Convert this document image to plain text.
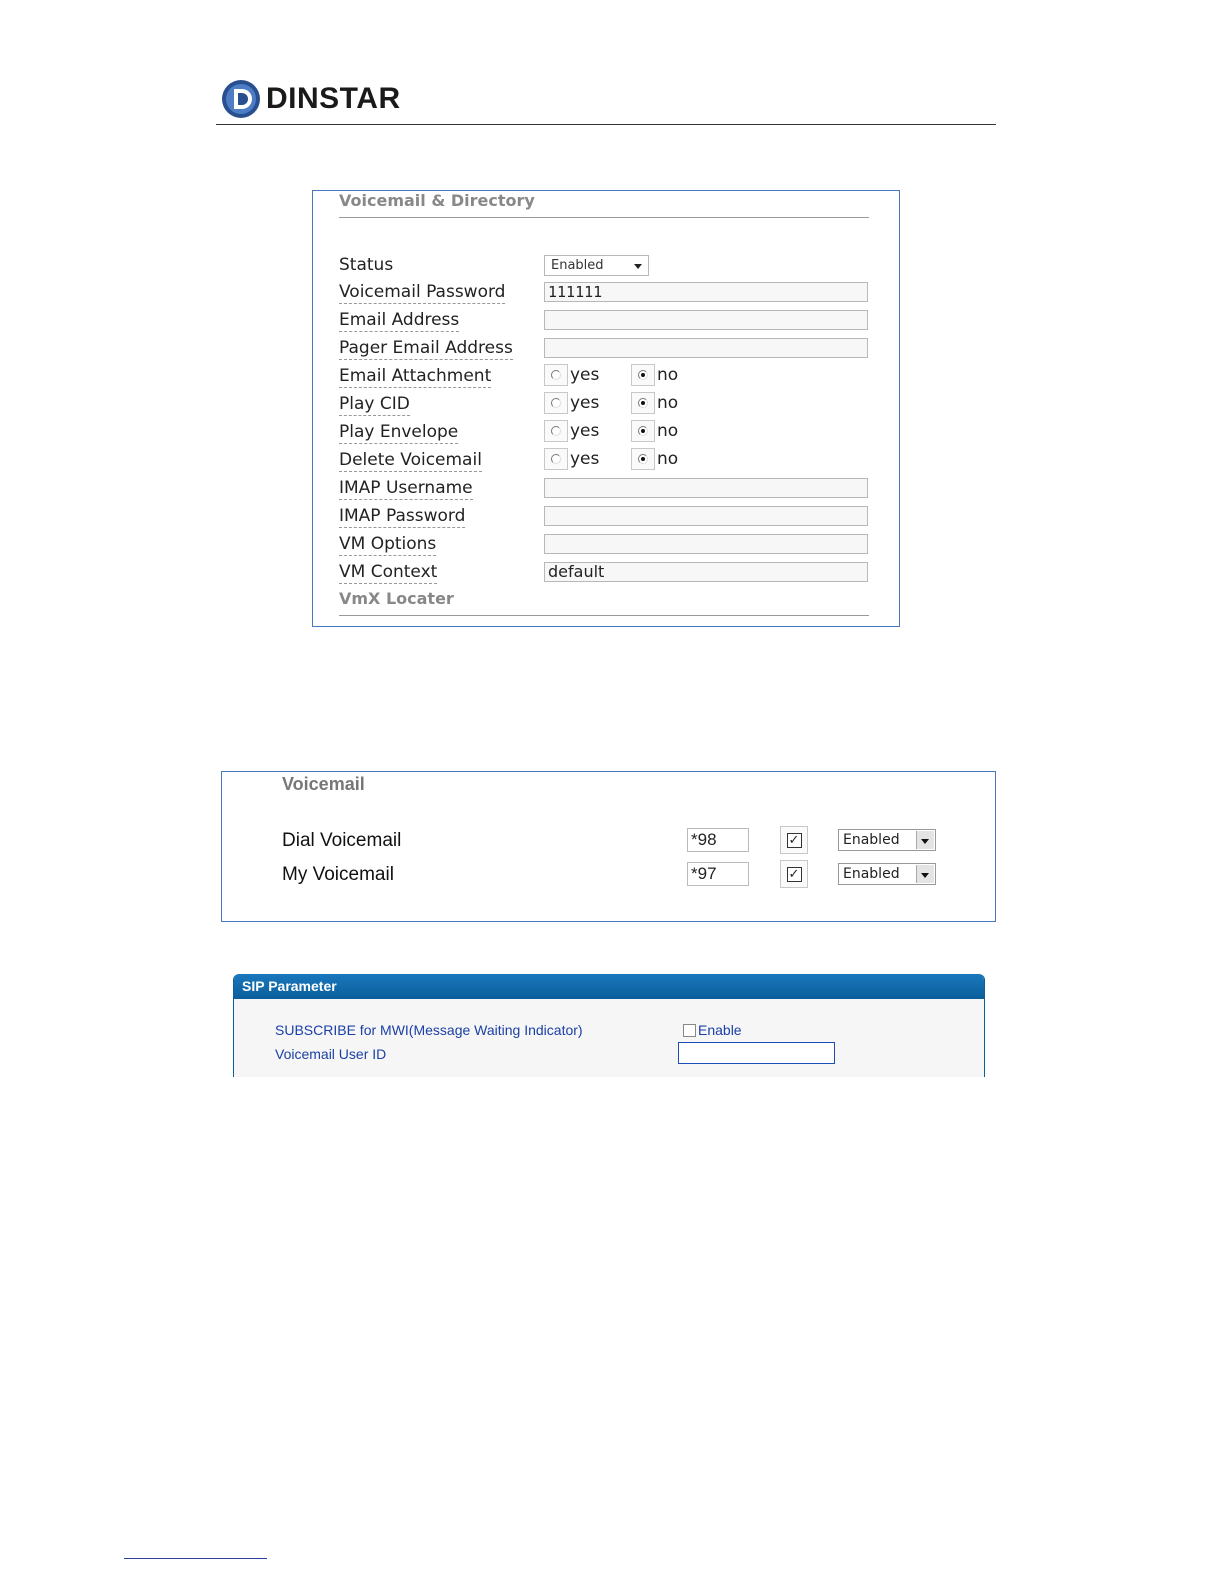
DINSTAR
Voicemail & Directory
Status	Enabled
Voicemail Password	111111
Email Address
Pager Email Address
Email Attachment	yes	no
Play CID	yes	no
Play Envelope	yes	no
Delete Voicemail	yes	no
IMAP Username
IMAP Password
VM Options
VM Context	default
VmX Locater
Voicemail
Dial Voicemail	*98	✓	Enabled
My Voicemail	*97	✓	Enabled
SIP Parameter
SUBSCRIBE for MWI(Message Waiting Indicator)	Enable
Voicemail User ID
